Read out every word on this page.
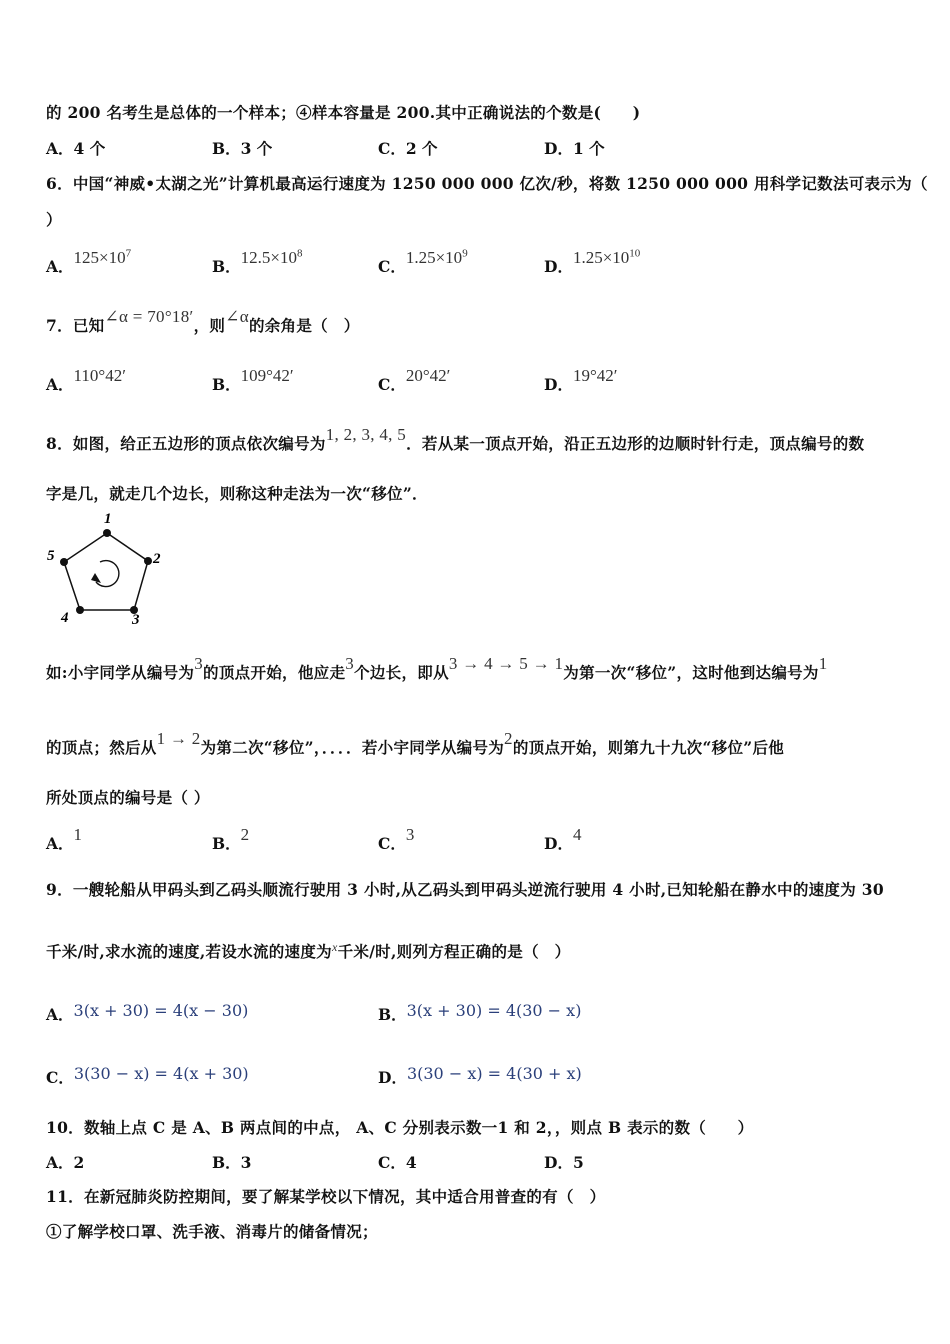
的 200 名考生是总体的一个样本；④样本容量是 200.其中正确说法的个数是(　　)
A．4 个	B．3 个	C．2 个	D．1 个
6．中国“神威•太湖之光”计算机最高运行速度为 1250 000 000 亿次/秒，将数 1250 000 000 用科学记数法可表示为（
）
A．$125\times 10^7$
B．$12.5\times 10^8$
C．$1.25\times 10^9$
D．$1.25\times 10^{10}$
7．已知∠α = 70°18′，则∠α的余角是（　）
A．110°42′	B．109°42′	C．20°42′	D．19°42′
8．如图，给正五边形的顶点依次编号为1, 2, 3, 4, 5．若从某一顶点开始，沿正五边形的边顺时针行走，顶点编号的数
字是几，就走几个边长，则称这种走法为一次“移位”．
1
2
3
4
5
如:小宇同学从编号为3的顶点开始，他应走3个边长，即从3 → 4 → 5 → 1为第一次“移位”，这时他到达编号为1
的顶点；然后从1 → 2为第二次“移位”，．．．．若小宇同学从编号为2的顶点开始，则第九十九次“移位”后他
所处顶点的编号是（ ）
A．1	B．2	C．3	D．4
9．一艘轮船从甲码头到乙码头顺流行驶用 3 小时,从乙码头到甲码头逆流行驶用 4 小时,已知轮船在静水中的速度为 30
千米/时,求水流的速度,若设水流的速度为$^x$千米/时,则列方程正确的是（　）
A．3(x + 30) = 4(x − 30)	B．3(x + 30) = 4(30 − x)
C．3(30 − x) = 4(x + 30)	D．3(30 − x) = 4(30 + x)
10．数轴上点 C 是 A、B 两点间的中点， A、C 分别表示数一1 和 2，，则点 B 表示的数（　　）
A．2	B．3	C．4	D．5
11．在新冠肺炎防控期间，要了解某学校以下情况，其中适合用普查的有（　）
①了解学校口罩、洗手液、消毒片的储备情况；
